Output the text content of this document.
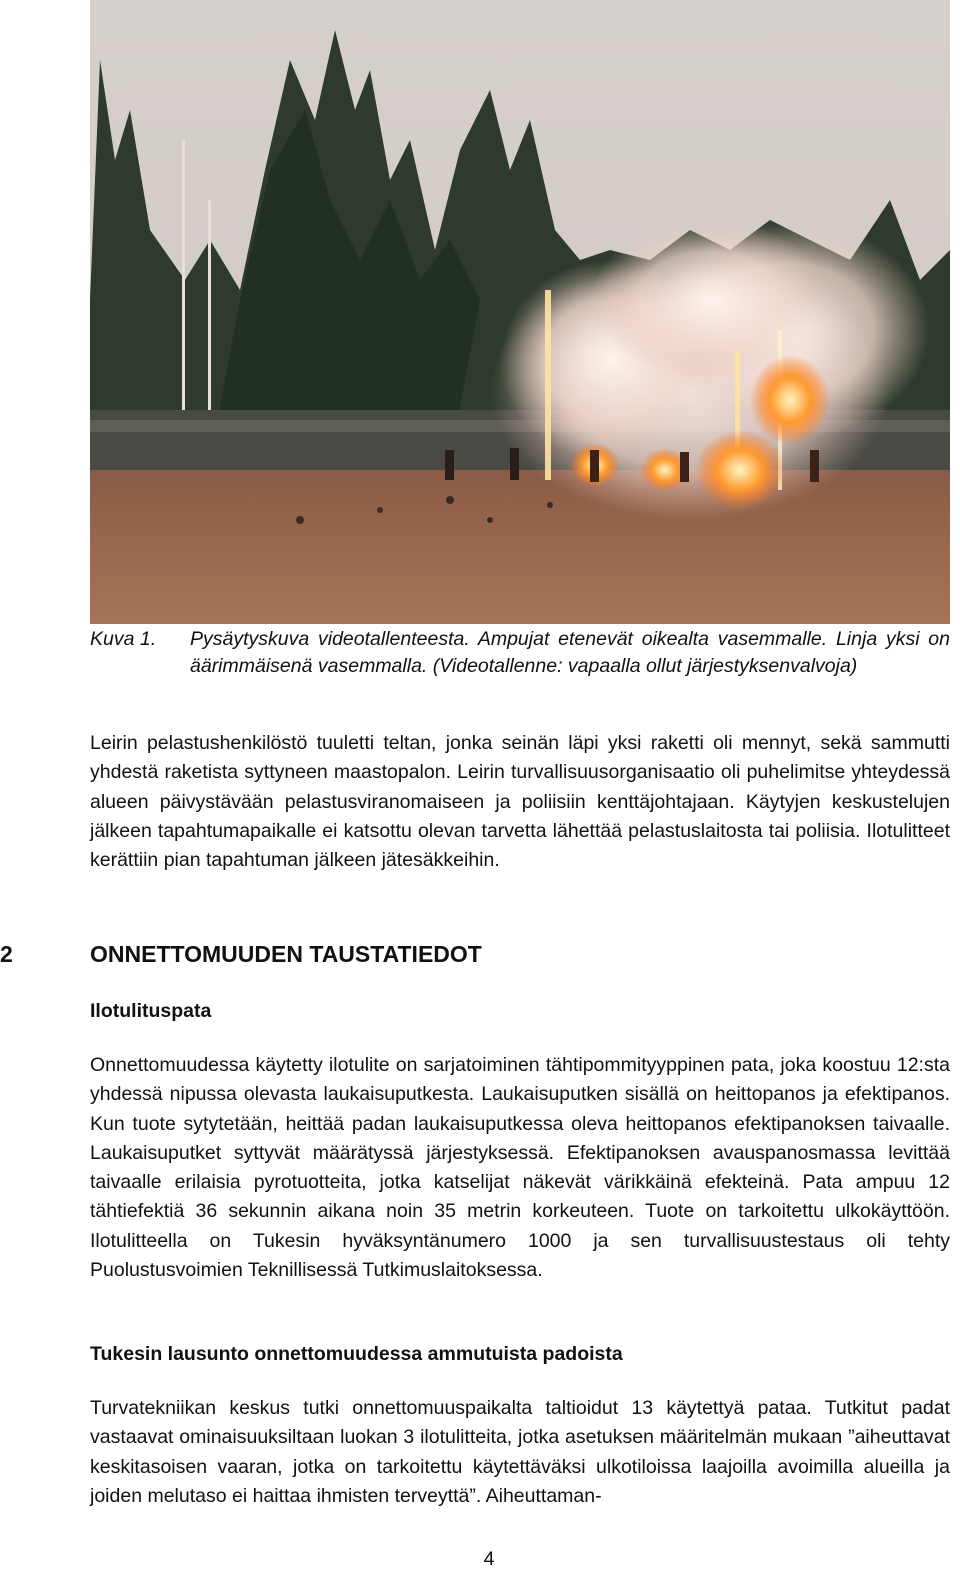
Kuva 1. Pysäytyskuva videotallenteesta. Ampujat etenevät oikealta vasemmalle. Linja yksi on äärimmäisenä vasemmalla. (Videotallenne: vapaalla ollut järjestyksenvalvoja)
Leirin pelastushenkilöstö tuuletti teltan, jonka seinän läpi yksi raketti oli mennyt, sekä sammutti yhdestä raketista syttyneen maastopalon. Leirin turvallisuusorganisaatio oli puhelimitse yhteydessä alueen päivystävään pelastusviranomaiseen ja poliisiin kenttäjohtajaan. Käytyjen keskustelujen jälkeen tapahtumapaikalle ei katsottu olevan tarvetta lähettää pelastuslaitosta tai poliisia. Ilotulitteet kerättiin pian tapahtuman jälkeen jätesäkkeihin.
2	ONNETTOMUUDEN TAUSTATIEDOT
Ilotulituspata
Onnettomuudessa käytetty ilotulite on sarjatoiminen tähtipommityyppinen pata, joka koostuu 12:sta yhdessä nipussa olevasta laukaisuputkesta. Laukaisuputken sisällä on heittopanos ja efektipanos. Kun tuote sytytetään, heittää padan laukaisuputkessa oleva heittopanos efektipanoksen taivaalle. Laukaisuputket syttyvät määrätyssä järjestyksessä. Efektipanoksen avauspanosmassa levittää taivaalle erilaisia pyrotuotteita, jotka katselijat näkevät värikkäinä efekteinä. Pata ampuu 12 tähtiefektiä 36 sekunnin aikana noin 35 metrin korkeuteen. Tuote on tarkoitettu ulkokäyttöön. Ilotulitteella on Tukesin hyväksyntänumero 1000 ja sen turvallisuustestaus oli tehty Puolustusvoimien Teknillisessä Tutkimuslaitoksessa.
Tukesin lausunto onnettomuudessa ammutuista padoista
Turvatekniikan keskus tutki onnettomuuspaikalta taltioidut 13 käytettyä pataa. Tutkitut padat vastaavat ominaisuuksiltaan luokan 3 ilotulitteita, jotka asetuksen määritelmän mukaan ”aiheuttavat keskitasoisen vaaran, jotka on tarkoitettu käytettäväksi ulkotiloissa laajoilla avoimilla alueilla ja joiden melutaso ei haittaa ihmisten terveyttä”. Aiheuttaman-
4
